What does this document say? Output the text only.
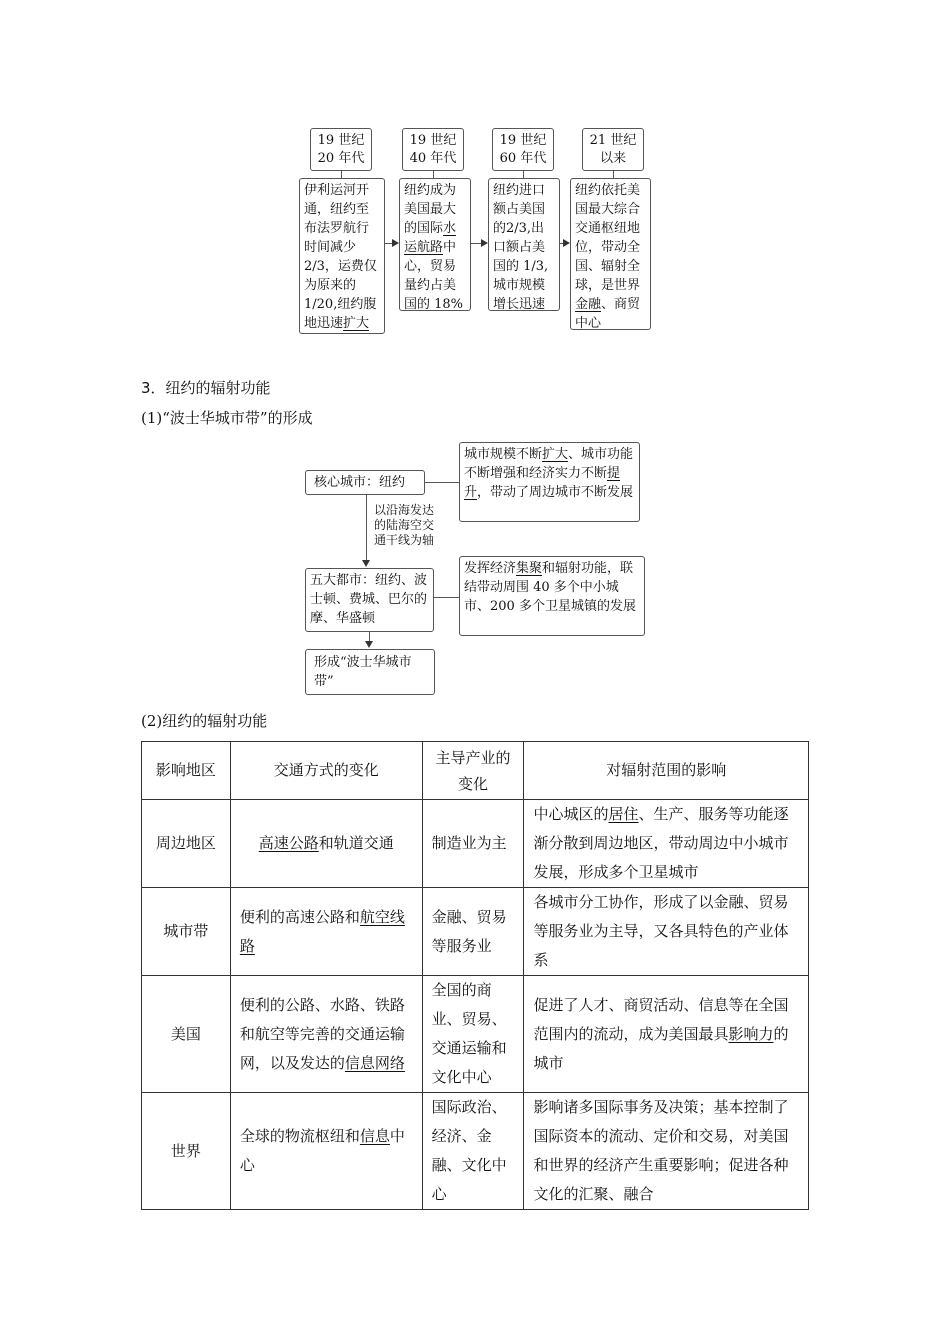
19 世纪
20 年代
19 世纪
40 年代
19 世纪
60 年代
21 世纪
以来
伊利运河开通，纽约至布法罗航行时间减少2/3，运费仅为原来的1/20,纽约腹地迅速扩大
纽约成为美国最大的国际水运航路中心，贸易量约占美国的 18%
纽约进口额占美国的2/3,出口额占美国的 1/3,城市规模增长迅速
纽约依托美国最大综合交通枢纽地位，带动全国、辐射全球，是世界金融、商贸中心
3．纽约的辐射功能
(1)“波士华城市带”的形成
核心城市：纽约
城市规模不断扩大、城市功能不断增强和经济实力不断提升，带动了周边城市不断发展
以沿海发达的陆海空交通干线为轴
五大都市：纽约、波士顿、费城、巴尔的摩、华盛顿
发挥经济集聚和辐射功能，联结带动周围 40 多个中小城市、200 多个卫星城镇的发展
形成“波士华城市带”
(2)纽约的辐射功能
影响地区	交通方式的变化	主导产业的变化	对辐射范围的影响
周边地区	高速公路和轨道交通	制造业为主	中心城区的居住、生产、服务等功能逐渐分散到周边地区，带动周边中小城市发展，形成多个卫星城市
城市带	便利的高速公路和航空线路	金融、贸易等服务业	各城市分工协作，形成了以金融、贸易等服务业为主导，又各具特色的产业体系
美国	便利的公路、水路、铁路和航空等完善的交通运输网，以及发达的信息网络	全国的商业、贸易、交通运输和文化中心	促进了人才、商贸活动、信息等在全国范围内的流动，成为美国最具影响力的城市
世界	全球的物流枢纽和信息中心	国际政治、经济、金融、文化中心	影响诸多国际事务及决策；基本控制了国际资本的流动、定价和交易，对美国和世界的经济产生重要影响；促进各种文化的汇聚、融合
